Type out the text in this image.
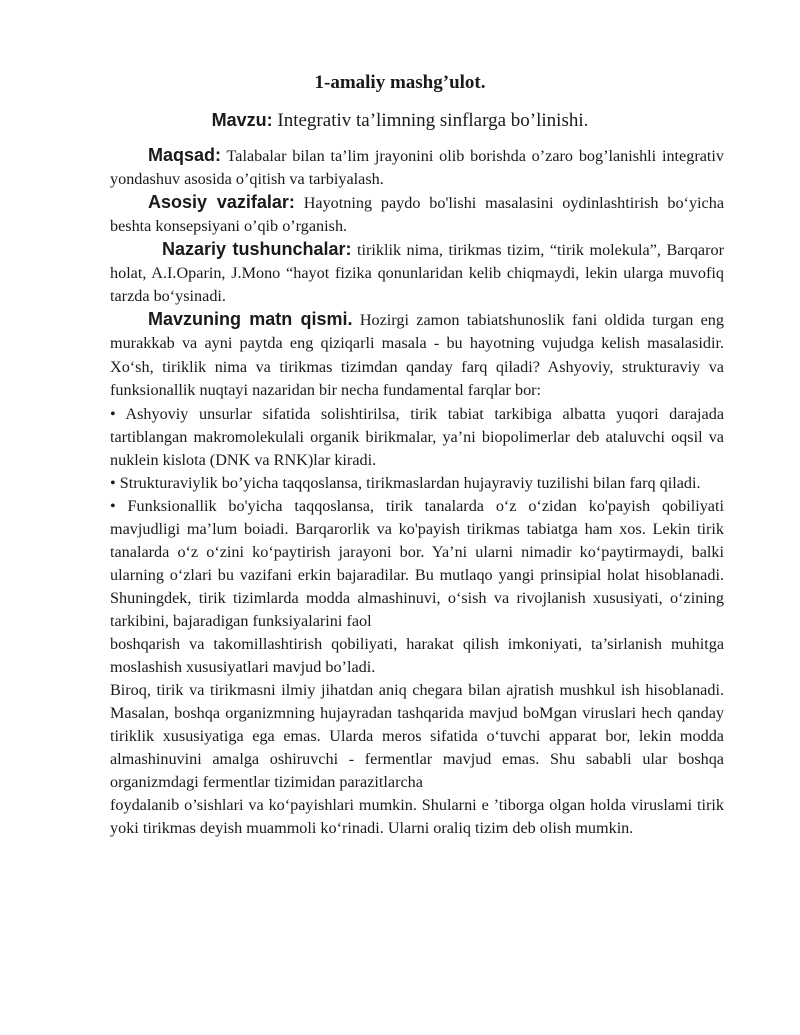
1-amaliy mashg’ulot.
Mavzu: Integrativ ta’limning sinflarga bo’linishi.

Maqsad: Talabalar bilan ta’lim jrayonini olib borishda o’zaro bog’lanishli integrativ yondashuv asosida o’qitish va tarbiyalash.

Asosiy vazifalar: Hayotning paydo bo'lishi masalasini oydinlashtirish bo‘yicha beshta konsepsiyani o’qib o’rganish.

Nazariy tushunchalar: tiriklik nima, tirikmas tizim, “tirik molekula”, Barqaror holat, A.I.Oparin, J.Mono “hayot fizika qonunlaridan kelib chiqmaydi, lekin ularga muvofiq tarzda bo‘ysinadi.

Mavzuning matn qismi. Hozirgi zamon tabiatshunoslik fani oldida turgan eng murakkab va ayni paytda eng qiziqarli masala - bu hayotning vujudga kelish masalasidir. Xo‘sh, tiriklik nima va tirikmas tizimdan qanday farq qiladi? Ashyoviy, strukturaviy va funksionallik nuqtayi nazaridan bir necha fundamental farqlar bor:

• Ashyoviy unsurlar sifatida solishtirilsa, tirik tabiat tarkibiga albatta yuqori darajada tartiblangan makromolekulali organik birikmalar, ya’ni biopolimerlar deb ataluvchi oqsil va nuklein kislota (DNK va RNK)lar kiradi.

• Strukturaviylik bo’yicha taqqoslansa, tirikmaslardan hujayraviy tuzilishi bilan farq qiladi.

• Funksionallik bo'yicha taqqoslansa, tirik tanalarda o‘z o‘zidan ko'payish qobiliyati mavjudligi ma’lum boiadi. Barqarorlik va ko'payish tirikmas tabiatga ham xos. Lekin tirik tanalarda o‘z o‘zini ko‘paytirish jarayoni bor. Ya’ni ularni nimadir ko‘paytirmaydi, balki ularning o‘zlari bu vazifani erkin bajaradilar. Bu mutlaqo yangi prinsipial holat hisoblanadi. Shuningdek, tirik tizimlarda modda almashinuvi, o‘sish va rivojlanish xususiyati, o‘zining tarkibini, bajaradigan funksiyalarini faol

boshqarish va takomillashtirish qobiliyati, harakat qilish imkoniyati, ta’sirlanish muhitga moslashish xususiyatlari mavjud bo’ladi.

Biroq, tirik va tirikmasni ilmiy jihatdan aniq chegara bilan ajratish mushkul ish hisoblanadi. Masalan, boshqa organizmning hujayradan tashqarida mavjud boMgan viruslari hech qanday tiriklik xususiyatiga ega emas. Ularda meros sifatida o‘tuvchi apparat bor, lekin modda almashinuvini amalga oshiruvchi - fermentlar mavjud emas. Shu sababli ular boshqa organizmdagi fermentlar tizimidan parazitlarcha

foydalanib o’sishlari va ko‘payishlari mumkin. Shularni e ’tiborga olgan holda viruslami tirik yoki tirikmas deyish muammoli ko‘rinadi. Ularni oraliq tizim deb olish mumkin.
